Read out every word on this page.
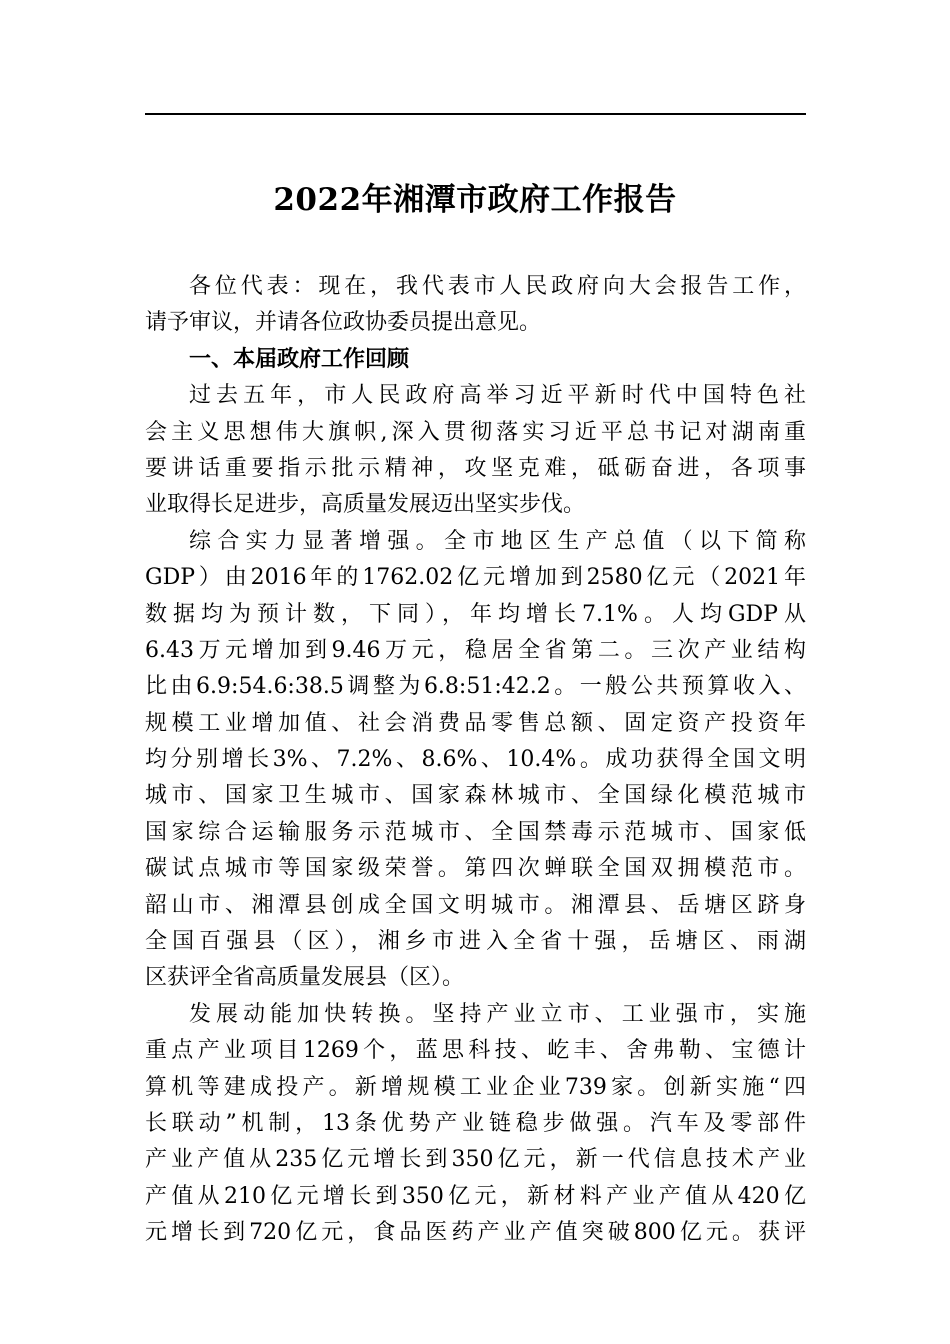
2022年湘潭市政府工作报告
各位代表：现在，我代表市人民政府向大会报告工作，
请予审议，并请各位政协委员提出意见。
一、本届政府工作回顾
过去五年，市人民政府高举习近平新时代中国特色社
会主义思想伟大旗帜,深入贯彻落实习近平总书记对湖南重
要讲话重要指示批示精神，攻坚克难，砥砺奋进，各项事
业取得长足进步，高质量发展迈出坚实步伐。
综合实力显著增强。全市地区生产总值（以下简称
GDP）由2016年的1762.02亿元增加到2580亿元（2021年
数据均为预计数，下同），年均增长7.1%。人均GDP从
6.43万元增加到9.46万元，稳居全省第二。三次产业结构
比由6.9:54.6:38.5调整为6.8:51:42.2。一般公共预算收入、
规模工业增加值、社会消费品零售总额、固定资产投资年
均分别增长3%、7.2%、8.6%、10.4%。成功获得全国文明
城市、国家卫生城市、国家森林城市、全国绿化模范城市
国家综合运输服务示范城市、全国禁毒示范城市、国家低
碳试点城市等国家级荣誉。第四次蝉联全国双拥模范市。
韶山市、湘潭县创成全国文明城市。湘潭县、岳塘区跻身
全国百强县（区），湘乡市进入全省十强，岳塘区、雨湖
区获评全省高质量发展县（区）。
发展动能加快转换。坚持产业立市、工业强市，实施
重点产业项目1269个，蓝思科技、屹丰、舍弗勒、宝德计
算机等建成投产。新增规模工业企业739家。创新实施“四
长联动”机制，13条优势产业链稳步做强。汽车及零部件
产业产值从235亿元增长到350亿元，新一代信息技术产业
产值从210亿元增长到350亿元，新材料产业产值从420亿
元增长到720亿元，食品医药产业产值突破800亿元。获评
